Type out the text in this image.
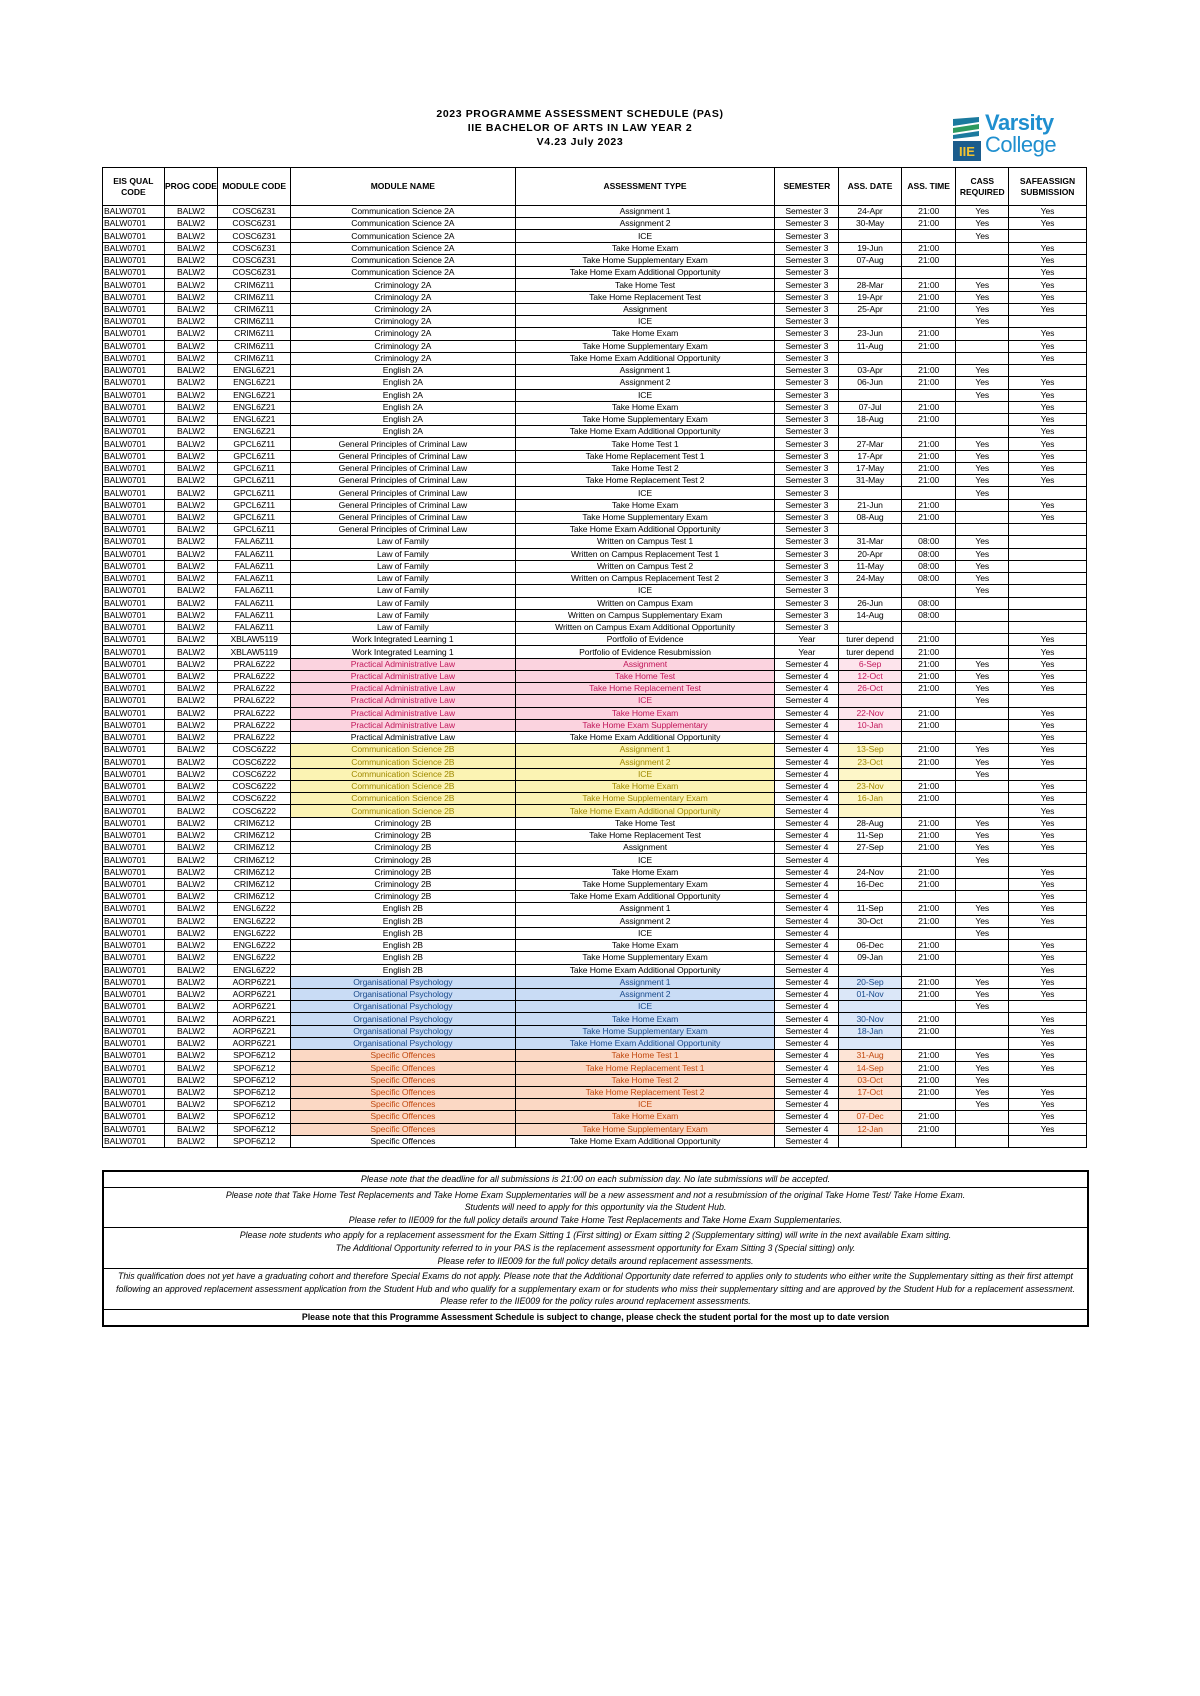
2023 PROGRAMME ASSESSMENT SCHEDULE (PAS)
IIE BACHELOR OF ARTS IN LAW YEAR 2
V4.23 July 2023
IIE
Varsity
College
EIS QUAL CODE	PROG CODE	MODULE CODE	MODULE NAME	ASSESSMENT TYPE	SEMESTER	ASS. DATE	ASS. TIME	CASS REQUIRED	SAFEASSIGN SUBMISSION
BALW0701	BALW2	COSC6Z31	Communication Science 2A	Assignment 1	Semester 3	24-Apr	21:00	Yes	Yes
BALW0701	BALW2	COSC6Z31	Communication Science 2A	Assignment 2	Semester 3	30-May	21:00	Yes	Yes
BALW0701	BALW2	COSC6Z31	Communication Science 2A	ICE	Semester 3			Yes	
BALW0701	BALW2	COSC6Z31	Communication Science 2A	Take Home Exam	Semester 3	19-Jun	21:00		Yes
BALW0701	BALW2	COSC6Z31	Communication Science 2A	Take Home Supplementary Exam	Semester 3	07-Aug	21:00		Yes
BALW0701	BALW2	COSC6Z31	Communication Science 2A	Take Home Exam Additional Opportunity	Semester 3				Yes
BALW0701	BALW2	CRIM6Z11	Criminology 2A	Take Home Test	Semester 3	28-Mar	21:00	Yes	Yes
BALW0701	BALW2	CRIM6Z11	Criminology 2A	Take Home Replacement Test	Semester 3	19-Apr	21:00	Yes	Yes
BALW0701	BALW2	CRIM6Z11	Criminology 2A	Assignment	Semester 3	25-Apr	21:00	Yes	Yes
BALW0701	BALW2	CRIM6Z11	Criminology 2A	ICE	Semester 3			Yes	
BALW0701	BALW2	CRIM6Z11	Criminology 2A	Take Home Exam	Semester 3	23-Jun	21:00		Yes
BALW0701	BALW2	CRIM6Z11	Criminology 2A	Take Home Supplementary Exam	Semester 3	11-Aug	21:00		Yes
BALW0701	BALW2	CRIM6Z11	Criminology 2A	Take Home Exam Additional Opportunity	Semester 3				Yes
BALW0701	BALW2	ENGL6Z21	English 2A	Assignment 1	Semester 3	03-Apr	21:00	Yes	
BALW0701	BALW2	ENGL6Z21	English 2A	Assignment 2	Semester 3	06-Jun	21:00	Yes	Yes
BALW0701	BALW2	ENGL6Z21	English 2A	ICE	Semester 3			Yes	Yes
BALW0701	BALW2	ENGL6Z21	English 2A	Take Home Exam	Semester 3	07-Jul	21:00		Yes
BALW0701	BALW2	ENGL6Z21	English 2A	Take Home Supplementary Exam	Semester 3	18-Aug	21:00		Yes
BALW0701	BALW2	ENGL6Z21	English 2A	Take Home Exam Additional Opportunity	Semester 3				Yes
BALW0701	BALW2	GPCL6Z11	General Principles of Criminal Law	Take Home Test 1	Semester 3	27-Mar	21:00	Yes	Yes
BALW0701	BALW2	GPCL6Z11	General Principles of Criminal Law	Take Home Replacement Test 1	Semester 3	17-Apr	21:00	Yes	Yes
BALW0701	BALW2	GPCL6Z11	General Principles of Criminal Law	Take Home Test 2	Semester 3	17-May	21:00	Yes	Yes
BALW0701	BALW2	GPCL6Z11	General Principles of Criminal Law	Take Home Replacement Test 2	Semester 3	31-May	21:00	Yes	Yes
BALW0701	BALW2	GPCL6Z11	General Principles of Criminal Law	ICE	Semester 3			Yes	
BALW0701	BALW2	GPCL6Z11	General Principles of Criminal Law	Take Home Exam	Semester 3	21-Jun	21:00		Yes
BALW0701	BALW2	GPCL6Z11	General Principles of Criminal Law	Take Home Supplementary Exam	Semester 3	08-Aug	21:00		Yes
BALW0701	BALW2	GPCL6Z11	General Principles of Criminal Law	Take Home Exam Additional Opportunity	Semester 3				
BALW0701	BALW2	FALA6Z11	Law of Family	Written on Campus Test 1	Semester 3	31-Mar	08:00	Yes	
BALW0701	BALW2	FALA6Z11	Law of Family	Written on Campus Replacement Test 1	Semester 3	20-Apr	08:00	Yes	
BALW0701	BALW2	FALA6Z11	Law of Family	Written on Campus Test 2	Semester 3	11-May	08:00	Yes	
BALW0701	BALW2	FALA6Z11	Law of Family	Written on Campus Replacement Test 2	Semester 3	24-May	08:00	Yes	
BALW0701	BALW2	FALA6Z11	Law of Family	ICE	Semester 3			Yes	
BALW0701	BALW2	FALA6Z11	Law of Family	Written on Campus Exam	Semester 3	26-Jun	08:00		
BALW0701	BALW2	FALA6Z11	Law of Family	Written on Campus Supplementary Exam	Semester 3	14-Aug	08:00		
BALW0701	BALW2	FALA6Z11	Law of Family	Written on Campus Exam Additional Opportunity	Semester 3				
BALW0701	BALW2	XBLAW5119	Work Integrated Learning 1	Portfolio of Evidence	Year	turer depend	21:00		Yes
BALW0701	BALW2	XBLAW5119	Work Integrated Learning 1	Portfolio of Evidence Resubmission	Year	turer depend	21:00		Yes
BALW0701	BALW2	PRAL6Z22	Practical Administrative Law	Assignment	Semester 4	6-Sep	21:00	Yes	Yes
BALW0701	BALW2	PRAL6Z22	Practical Administrative Law	Take Home Test	Semester 4	12-Oct	21:00	Yes	Yes
BALW0701	BALW2	PRAL6Z22	Practical Administrative Law	Take Home Replacement Test	Semester 4	26-Oct	21:00	Yes	Yes
BALW0701	BALW2	PRAL6Z22	Practical Administrative Law	ICE	Semester 4			Yes	
BALW0701	BALW2	PRAL6Z22	Practical Administrative Law	Take Home Exam	Semester 4	22-Nov	21:00		Yes
BALW0701	BALW2	PRAL6Z22	Practical Administrative Law	Take Home Exam Supplementary	Semester 4	10-Jan	21:00		Yes
BALW0701	BALW2	PRAL6Z22	Practical Administrative Law	Take Home Exam Additional Opportunity	Semester 4				Yes
BALW0701	BALW2	COSC6Z22	Communication Science 2B	Assignment 1	Semester 4	13-Sep	21:00	Yes	Yes
BALW0701	BALW2	COSC6Z22	Communication Science 2B	Assignment 2	Semester 4	23-Oct	21:00	Yes	Yes
BALW0701	BALW2	COSC6Z22	Communication Science 2B	ICE	Semester 4			Yes	
BALW0701	BALW2	COSC6Z22	Communication Science 2B	Take Home Exam	Semester 4	23-Nov	21:00		Yes
BALW0701	BALW2	COSC6Z22	Communication Science 2B	Take Home Supplementary Exam	Semester 4	16-Jan	21:00		Yes
BALW0701	BALW2	COSC6Z22	Communication Science 2B	Take Home Exam Additional Opportunity	Semester 4				Yes
BALW0701	BALW2	CRIM6Z12	Criminology 2B	Take Home Test	Semester 4	28-Aug	21:00	Yes	Yes
BALW0701	BALW2	CRIM6Z12	Criminology 2B	Take Home Replacement Test	Semester 4	11-Sep	21:00	Yes	Yes
BALW0701	BALW2	CRIM6Z12	Criminology 2B	Assignment	Semester 4	27-Sep	21:00	Yes	Yes
BALW0701	BALW2	CRIM6Z12	Criminology 2B	ICE	Semester 4			Yes	
BALW0701	BALW2	CRIM6Z12	Criminology 2B	Take Home Exam	Semester 4	24-Nov	21:00		Yes
BALW0701	BALW2	CRIM6Z12	Criminology 2B	Take Home Supplementary Exam	Semester 4	16-Dec	21:00		Yes
BALW0701	BALW2	CRIM6Z12	Criminology 2B	Take Home Exam Additional Opportunity	Semester 4				Yes
BALW0701	BALW2	ENGL6Z22	English 2B	Assignment 1	Semester 4	11-Sep	21:00	Yes	Yes
BALW0701	BALW2	ENGL6Z22	English 2B	Assignment 2	Semester 4	30-Oct	21:00	Yes	Yes
BALW0701	BALW2	ENGL6Z22	English 2B	ICE	Semester 4			Yes	
BALW0701	BALW2	ENGL6Z22	English 2B	Take Home Exam	Semester 4	06-Dec	21:00		Yes
BALW0701	BALW2	ENGL6Z22	English 2B	Take Home Supplementary Exam	Semester 4	09-Jan	21:00		Yes
BALW0701	BALW2	ENGL6Z22	English 2B	Take Home Exam Additional Opportunity	Semester 4				Yes
BALW0701	BALW2	AORP6Z21	Organisational Psychology	Assignment 1	Semester 4	20-Sep	21:00	Yes	Yes
BALW0701	BALW2	AORP6Z21	Organisational Psychology	Assignment 2	Semester 4	01-Nov	21:00	Yes	Yes
BALW0701	BALW2	AORP6Z21	Organisational Psychology	ICE	Semester 4			Yes	
BALW0701	BALW2	AORP6Z21	Organisational Psychology	Take Home Exam	Semester 4	30-Nov	21:00		Yes
BALW0701	BALW2	AORP6Z21	Organisational Psychology	Take Home Supplementary Exam	Semester 4	18-Jan	21:00		Yes
BALW0701	BALW2	AORP6Z21	Organisational Psychology	Take Home Exam Additional Opportunity	Semester 4				Yes
BALW0701	BALW2	SPOF6Z12	Specific Offences	Take Home Test 1	Semester 4	31-Aug	21:00	Yes	Yes
BALW0701	BALW2	SPOF6Z12	Specific Offences	Take Home Replacement Test 1	Semester 4	14-Sep	21:00	Yes	Yes
BALW0701	BALW2	SPOF6Z12	Specific Offences	Take Home Test 2	Semester 4	03-Oct	21:00	Yes	
BALW0701	BALW2	SPOF6Z12	Specific Offences	Take Home Replacement Test 2	Semester 4	17-Oct	21:00	Yes	Yes
BALW0701	BALW2	SPOF6Z12	Specific Offences	ICE	Semester 4			Yes	Yes
BALW0701	BALW2	SPOF6Z12	Specific Offences	Take Home Exam	Semester 4	07-Dec	21:00		Yes
BALW0701	BALW2	SPOF6Z12	Specific Offences	Take Home Supplementary Exam	Semester 4	12-Jan	21:00		Yes
BALW0701	BALW2	SPOF6Z12	Specific Offences	Take Home Exam Additional Opportunity	Semester 4				
Please note that the deadline for all submissions is 21:00 on each submission day. No late submissions will be accepted.
Please note that Take Home Test Replacements and Take Home Exam Supplementaries will be a new assessment and not a resubmission of the original Take Home Test/ Take Home Exam.
Students will need to apply for this opportunity via the Student Hub.
Please refer to IIE009 for the full policy details around Take Home Test Replacements and Take Home Exam Supplementaries.
Please note students who apply for a replacement assessment for the Exam Sitting 1 (First sitting) or Exam sitting 2 (Supplementary sitting) will write in the next available Exam sitting.
The Additional Opportunity referred to in your PAS is the replacement assessment opportunity for Exam Sitting 3 (Special sitting) only.
Please refer to IIE009 for the full policy details around replacement assessments.
This qualification does not yet have a graduating cohort and therefore Special Exams do not apply. Please note that the Additional Opportunity date referred to applies only to students who either write the Supplementary sitting as their first attempt following an approved replacement assessment application from the Student Hub and who qualify for a supplementary exam or for students who miss their supplementary sitting and are approved by the Student Hub for a replacement assessment. Please refer to the IIE009 for the policy rules around replacement assessments.
Please note that this Programme Assessment Schedule is subject to change, please check the student portal for the most up to date version
